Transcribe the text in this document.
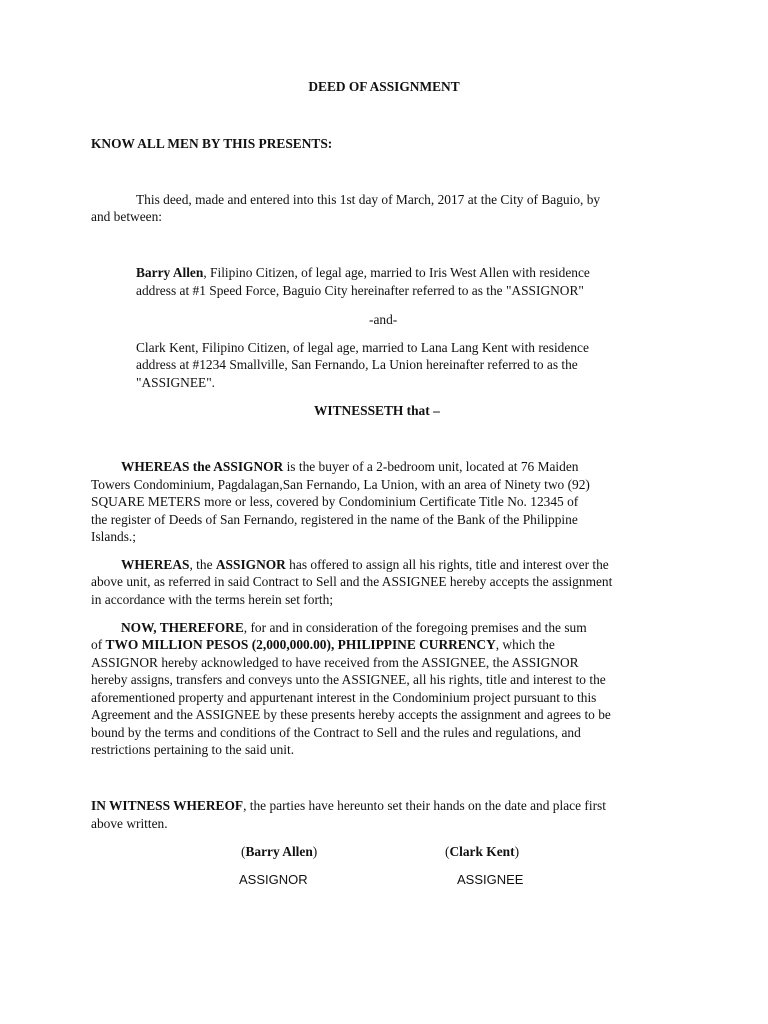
DEED OF ASSIGNMENT
KNOW ALL MEN BY THIS PRESENTS:
This deed, made and entered into this 1st day of March, 2017 at the City of Baguio, by
and between:
Barry Allen, Filipino Citizen, of legal age, married to Iris West Allen with residence
address at #1 Speed Force, Baguio City hereinafter referred to as the "ASSIGNOR"
-and-
Clark Kent, Filipino Citizen, of legal age, married to Lana Lang Kent with residence
address at #1234 Smallville, San Fernando, La Union hereinafter referred to as the
"ASSIGNEE".
WITNESSETH that –
WHEREAS the ASSIGNOR is the buyer of a 2-bedroom unit, located at 76 Maiden
Towers Condominium, Pagdalagan,San Fernando, La Union, with an area of Ninety two (92)
SQUARE METERS more or less, covered by Condominium Certificate Title No. 12345 of
the register of Deeds of San Fernando, registered in the name of the Bank of the Philippine
Islands.;
WHEREAS, the ASSIGNOR has offered to assign all his rights, title and interest over the
above unit, as referred in said Contract to Sell and the ASSIGNEE hereby accepts the assignment
in accordance with the terms herein set forth;
NOW, THEREFORE, for and in consideration of the foregoing premises and the sum
of TWO MILLION PESOS (2,000,000.00), PHILIPPINE CURRENCY, which the
ASSIGNOR hereby acknowledged to have received from the ASSIGNEE, the ASSIGNOR
hereby assigns, transfers and conveys unto the ASSIGNEE, all his rights, title and interest to the
aforementioned property and appurtenant interest in the Condominium project pursuant to this
Agreement and the ASSIGNEE by these presents hereby accepts the assignment and agrees to be
bound by the terms and conditions of the Contract to Sell and the rules and regulations, and
restrictions pertaining to the said unit.
IN WITNESS WHEREOF, the parties have hereunto set their hands on the date and place first
above written.
(Barry Allen)	(Clark Kent)
ASSIGNOR	ASSIGNEE
